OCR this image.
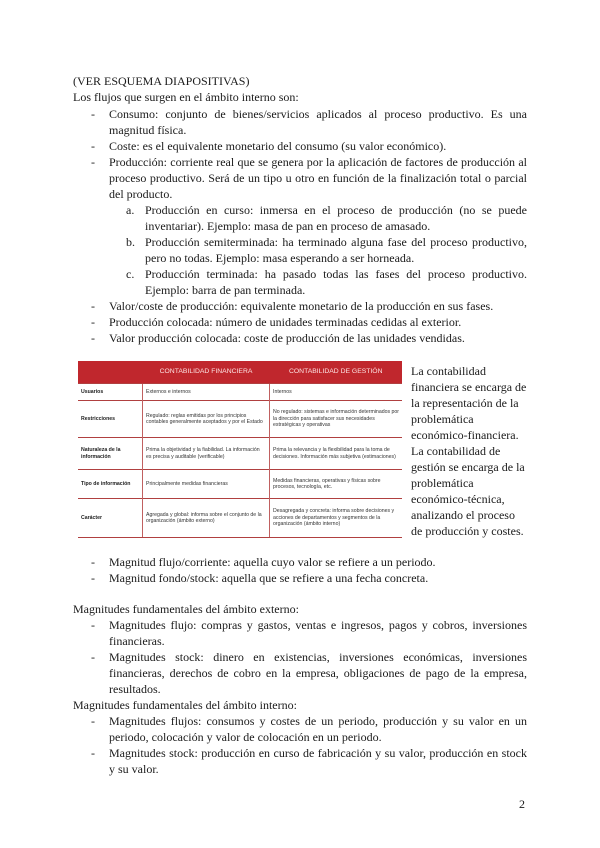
(VER ESQUEMA DIAPOSITIVAS)
Los flujos que surgen en el ámbito interno son:
- Consumo: conjunto de bienes/servicios aplicados al proceso productivo. Es una
magnitud física.
- Coste: es el equivalente monetario del consumo (su valor económico).
- Producción: corriente real que se genera por la aplicación de factores de producción al
proceso productivo. Será de un tipo u otro en función de la finalización total o parcial
del producto.
a. Producción en curso: inmersa en el proceso de producción (no se puede
inventariar). Ejemplo: masa de pan en proceso de amasado.
b. Producción semiterminada: ha terminado alguna fase del proceso productivo,
pero no todas. Ejemplo: masa esperando a ser horneada.
c. Producción terminada: ha pasado todas las fases del proceso productivo.
Ejemplo: barra de pan terminada.
- Valor/coste de producción: equivalente monetario de la producción en sus fases.
- Producción colocada: número de unidades terminadas cedidas al exterior.
- Valor producción colocada: coste de producción de las unidades vendidas.
	CONTABILIDAD FINANCIERA	CONTABILIDAD DE GESTIÓN
Usuarios	Externos e internos	Internos
Restricciones	Regulado: reglas emitidas por los principios contables generalmente aceptados y por el Estado	No regulado: sistemas e información determinados por la dirección para satisfacer sus necesidades estratégicas y operativas
Naturaleza de la información	Prima la objetividad y la fiabilidad. La información es precisa y auditable (verificable)	Prima la relevancia y la flexibilidad para la toma de decisiones. Información más subjetiva (estimaciones)
Tipo de información	Principalmente medidas financieras	Medidas financieras, operativas y físicas sobre procesos, tecnología, etc.
Carácter	Agregada y global: informa sobre el conjunto de la organización (ámbito externo)	Desagregada y concreta: informa sobre decisiones y acciones de departamentos y segmentos de la organización (ámbito interno)
La contabilidad
financiera se encarga de
la representación de la
problemática
económico-financiera.
La contabilidad de
gestión se encarga de la
problemática
económico-técnica,
analizando el proceso
de producción y costes.
- Magnitud flujo/corriente: aquella cuyo valor se refiere a un periodo.
- Magnitud fondo/stock: aquella que se refiere a una fecha concreta.
Magnitudes fundamentales del ámbito externo:
- Magnitudes flujo: compras y gastos, ventas e ingresos, pagos y cobros, inversiones
financieras.
- Magnitudes stock: dinero en existencias, inversiones económicas, inversiones
financieras, derechos de cobro en la empresa, obligaciones de pago de la empresa,
resultados.
Magnitudes fundamentales del ámbito interno:
- Magnitudes flujos: consumos y costes de un periodo, producción y su valor en un
periodo, colocación y valor de colocación en un periodo.
- Magnitudes stock: producción en curso de fabricación y su valor, producción en stock
y su valor.
2
